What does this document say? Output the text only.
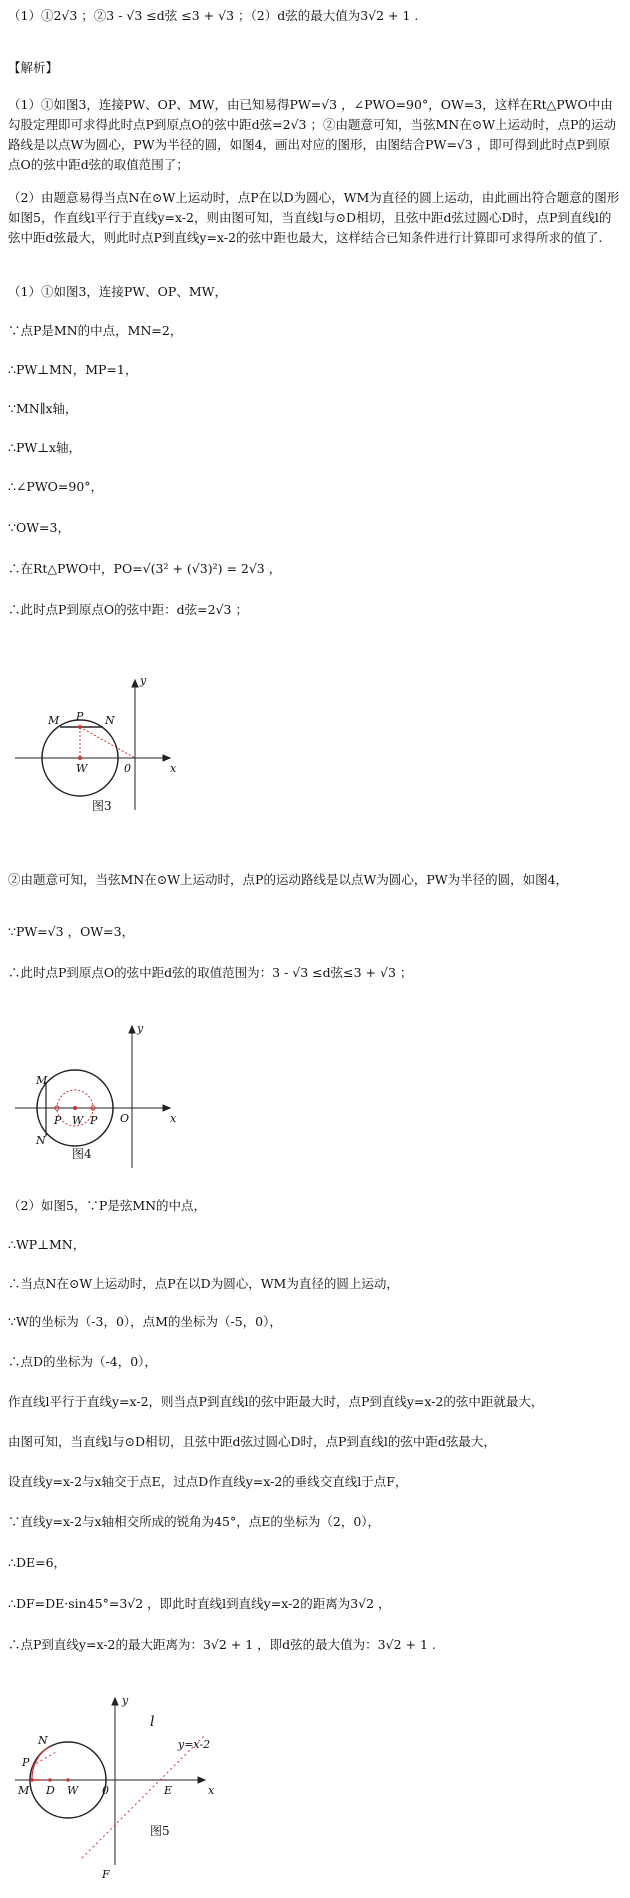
（1）①2√3 ；②3 - √3 ≤d弦 ≤3 + √3 ；（2）d弦的最大值为3√2 + 1 .
【解析】
（1）①如图3，连接PW、OP、MW，由已知易得PW=√3 ，∠PWO=90°，OW=3，这样在Rt△PWO中由勾股定理即可求得此时点P到原点O的弦中距d弦=2√3 ；②由题意可知，当弦MN在⊙W上运动时，点P的运动路线是以点W为圆心，PW为半径的圆，如图4，画出对应的图形，由图结合PW=√3 ，即可得到此时点P到原点O的弦中距d弦的取值范围了；
（2）由题意易得当点N在⊙W上运动时，点P在以D为圆心，WM为直径的圆上运动，由此画出符合题意的图形如图5，作直线l平行于直线y=x-2，则由图可知，当直线l与⊙D相切，且弦中距d弦过圆心D时，点P到直线l的弦中距d弦最大，则此时点P到直线y=x-2的弦中距也最大，这样结合已知条件进行计算即可求得所求的值了.
（1）①如图3，连接PW、OP、MW，
∵点P是MN的中点，MN=2，
∴PW⊥MN，MP=1，
∵MN∥x轴，
∴PW⊥x轴，
∴∠PWO=90°，
∵OW=3，
∴在Rt△PWO中，PO=√(3² + (√3)²) = 2√3 ，
∴此时点P到原点O的弦中距：d弦=2√3 ；
y
x
0
M P N
W
图3
②由题意可知，当弦MN在⊙W上运动时，点P的运动路线是以点W为圆心，PW为半径的圆，如图4，
∵PW=√3 ，OW=3，
∴此时点P到原点O的弦中距d弦的取值范围为：3 - √3 ≤d弦≤3 + √3 ；
y
x
O
M
P	P
N
W
图4
（2）如图5，∵P是弦MN的中点，
∴WP⊥MN，
∴当点N在⊙W上运动时，点P在以D为圆心，WM为直径的圆上运动，
∵W的坐标为（-3，0），点M的坐标为（-5，0），
∴点D的坐标为（-4，0），
作直线l平行于直线y=x-2，则当点P到直线l的弦中距最大时，点P到直线y=x-2的弦中距就最大，
由图可知，当直线l与⊙D相切，且弦中距d弦过圆心D时，点P到直线l的弦中距d弦最大，
设直线y=x-2与x轴交于点E，过点D作直线y=x-2的垂线交直线l于点F，
∵直线y=x-2与x轴相交所成的锐角为45°，点E的坐标为（2，0），
∴DE=6，
∴DF=DE·sin45°=3√2 ，即此时直线l到直线y=x-2的距离为3√2 ，
∴点P到直线y=x-2的最大距离为：3√2 + 1 ，即d弦的最大值为：3√2 + 1 .
y
x
0
l
y=x-2
N
P
M D W	E
F
图5
